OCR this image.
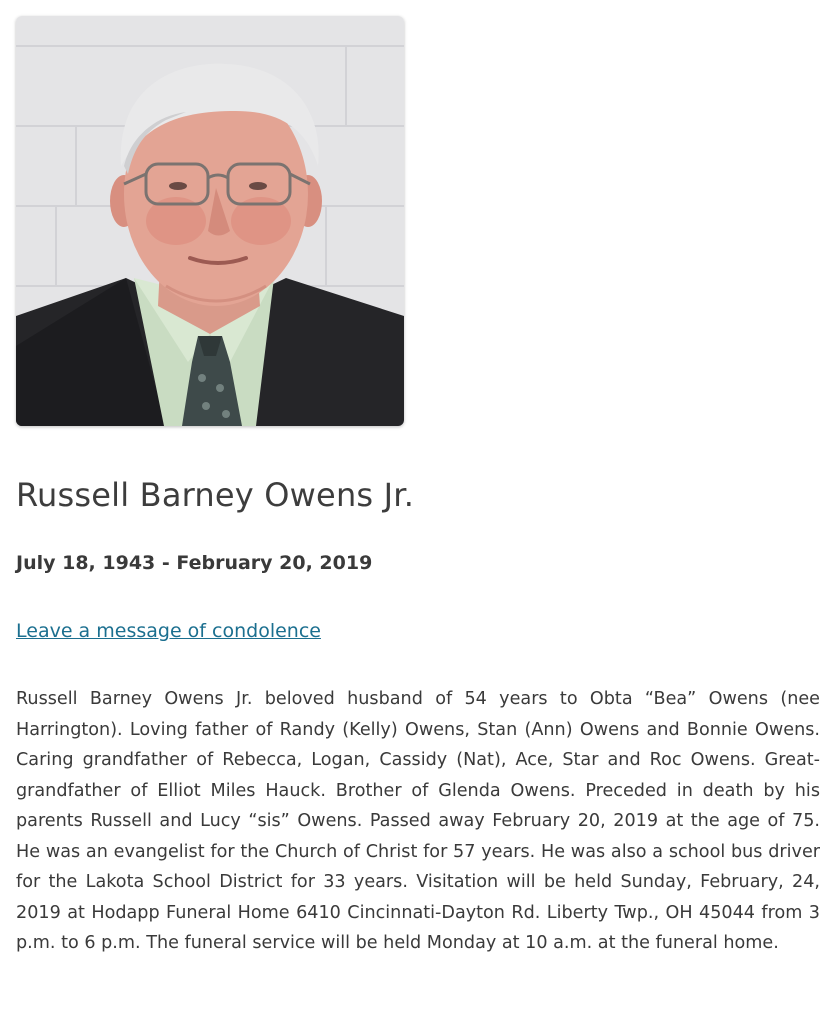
Russell Barney Owens Jr.
July 18, 1943 - February 20, 2019
Leave a message of condolence

Russell Barney Owens Jr. beloved husband of 54 years to Obta “Bea” Owens (nee Harrington). Loving father of Randy (Kelly) Owens, Stan (Ann) Owens and Bonnie Owens. Caring grandfather of Rebecca, Logan, Cassidy (Nat), Ace, Star and Roc Owens. Great-grandfather of Elliot Miles Hauck. Brother of Glenda Owens. Preceded in death by his parents Russell and Lucy “sis” Owens. Passed away February 20, 2019 at the age of 75. He was an evangelist for the Church of Christ for 57 years. He was also a school bus driver for the Lakota School District for 33 years. Visitation will be held Sunday, February, 24, 2019 at Hodapp Funeral Home 6410 Cincinnati-Dayton Rd. Liberty Twp., OH 45044 from 3 p.m. to 6 p.m. The funeral service will be held Monday at 10 a.m. at the funeral home.
